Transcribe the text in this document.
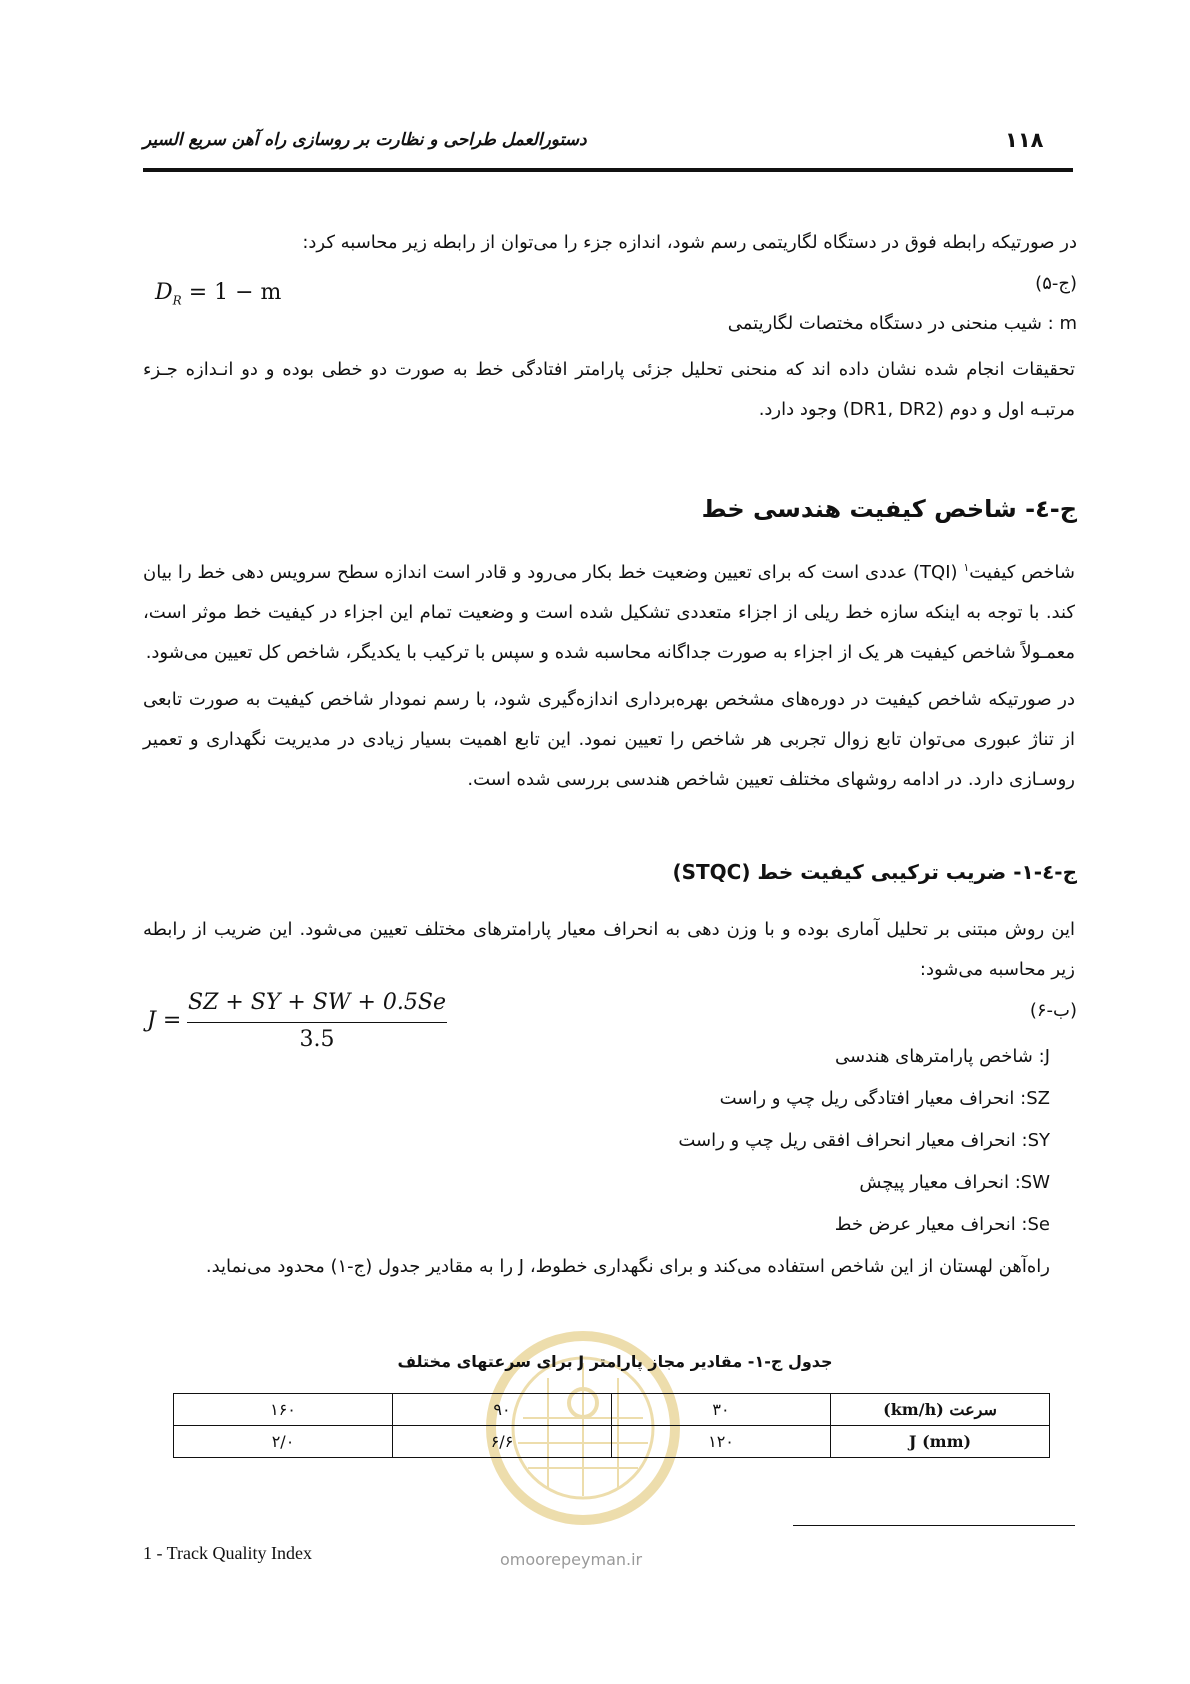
۱۱۸
دستورالعمل طراحی و نظارت بر روسازی راه آهن سریع السیر
در صورتیکه رابطه فوق در دستگاه لگاریتمی رسم شود، اندازه جزء را می‌توان از رابطه زیر محاسبه کرد:
(ج-۵)
$D_R = 1 - m$
m : شیب منحنی در دستگاه مختصات لگاریتمی
تحقیقات انجام شده نشان داده اند که منحنی تحلیل جزئی پارامتر افتادگی خط به صورت دو خطی بوده و دو انـدازه جـزء مرتبـه اول و دوم (DR1, DR2) وجود دارد.
ج-٤- شاخص کیفیت هندسی خط
شاخص کیفیت$^۱$ (TQI) عددی است که برای تعیین وضعیت خط بکار می‌رود و قادر است اندازه سطح سرویس دهی خط را بیان کند. با توجه به اینکه سازه خط ریلی از اجزاء متعددی تشکیل شده است و وضعیت تمام این اجزاء در کیفیت خط موثر است، معمـولاً شاخص کیفیت هر یک از اجزاء به صورت جداگانه محاسبه شده و سپس با ترکیب با یکدیگر، شاخص کل تعیین می‌شود.
در صورتیکه شاخص کیفیت در دوره‌های مشخص بهره‌برداری اندازه‌گیری شود، با رسم نمودار شاخص کیفیت به صورت تابعی از تناژ عبوری می‌توان تابع زوال تجربی هر شاخص را تعیین نمود. این تابع اهمیت بسیار زیادی در مدیریت نگهداری و تعمیر روسـازی دارد. در ادامه روشهای مختلف تعیین شاخص هندسی بررسی شده است.
ج-٤-١- ضریب ترکیبی کیفیت خط (STQC)
این روش مبتنی بر تحلیل آماری بوده و با وزن دهی به انحراف معیار پارامترهای مختلف تعیین می‌شود. این ضریب از رابطه زیر محاسبه می‌شود:
(ب-۶)
J =
SZ + SY + SW + 0.5Se
3.5
J: شاخص پارامترهای هندسی
SZ: انحراف معیار افتادگی ریل چپ و راست
SY: انحراف معیار انحراف افقی ریل چپ و راست
SW: انحراف معیار پیچش
Se: انحراف معیار عرض خط
راه‌آهن لهستان از این شاخص استفاده می‌کند و برای نگهداری خطوط، J را به مقادیر جدول (ج-۱) محدود می‌نماید.
omoorepeyman.ir
جدول ج-۱- مقادیر مجاز پارامتر J برای سرعتهای مختلف
سرعت (km/h)	۳۰	۹۰	۱۶۰
J (mm)	۱۲۰	۶/۶	۲/۰
1 - Track Quality Index
